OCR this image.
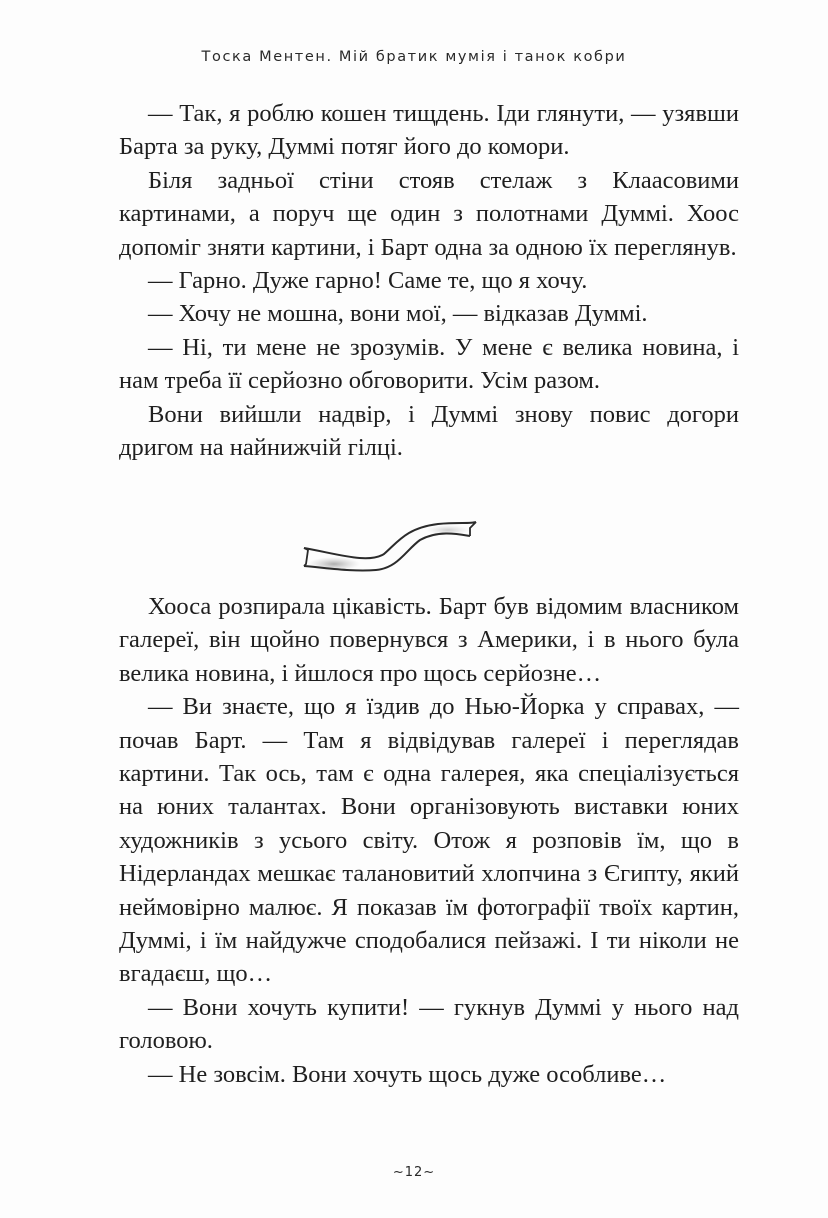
Тоска Ментен. Мій братик мумія і танок кобри

— Так, я роблю кошен тищдень. Іди глянути, — узявши Барта за руку, Думмі потяг його до комори.

Біля задньої стіни стояв стелаж з Клаасовими картинами, а поруч ще один з полотнами Думмі. Хоос допоміг зняти картини, і Барт одна за одною їх переглянув.

— Гарно. Дуже гарно! Саме те, що я хочу.

— Хочу не мошна, вони мої, — відказав Думмі.

— Ні, ти мене не зрозумів. У мене є велика новина, і нам треба її серйозно обговорити. Усім разом.

Вони вийшли надвір, і Думмі знову повис догори дригом на найнижчій гілці.

Хооса розпирала цікавість. Барт був відомим власником галереї, він щойно повернувся з Америки, і в нього була велика новина, і йшлося про щось серйозне…

— Ви знаєте, що я їздив до Нью-Йорка у справах, — почав Барт. — Там я відвідував галереї і переглядав картини. Так ось, там є одна галерея, яка спеціалізується на юних талантах. Вони організовують виставки юних художників з усього світу. Отож я розповів їм, що в Нідерландах мешкає талановитий хлопчина з Єгипту, який неймовірно малює. Я показав їм фотографії твоїх картин, Думмі, і їм найдужче сподобалися пейзажі. І ти ніколи не вгадаєш, що…

— Вони хочуть купити! — гукнув Думмі у нього над головою.

— Не зовсім. Вони хочуть щось дуже особливе…

~12~
